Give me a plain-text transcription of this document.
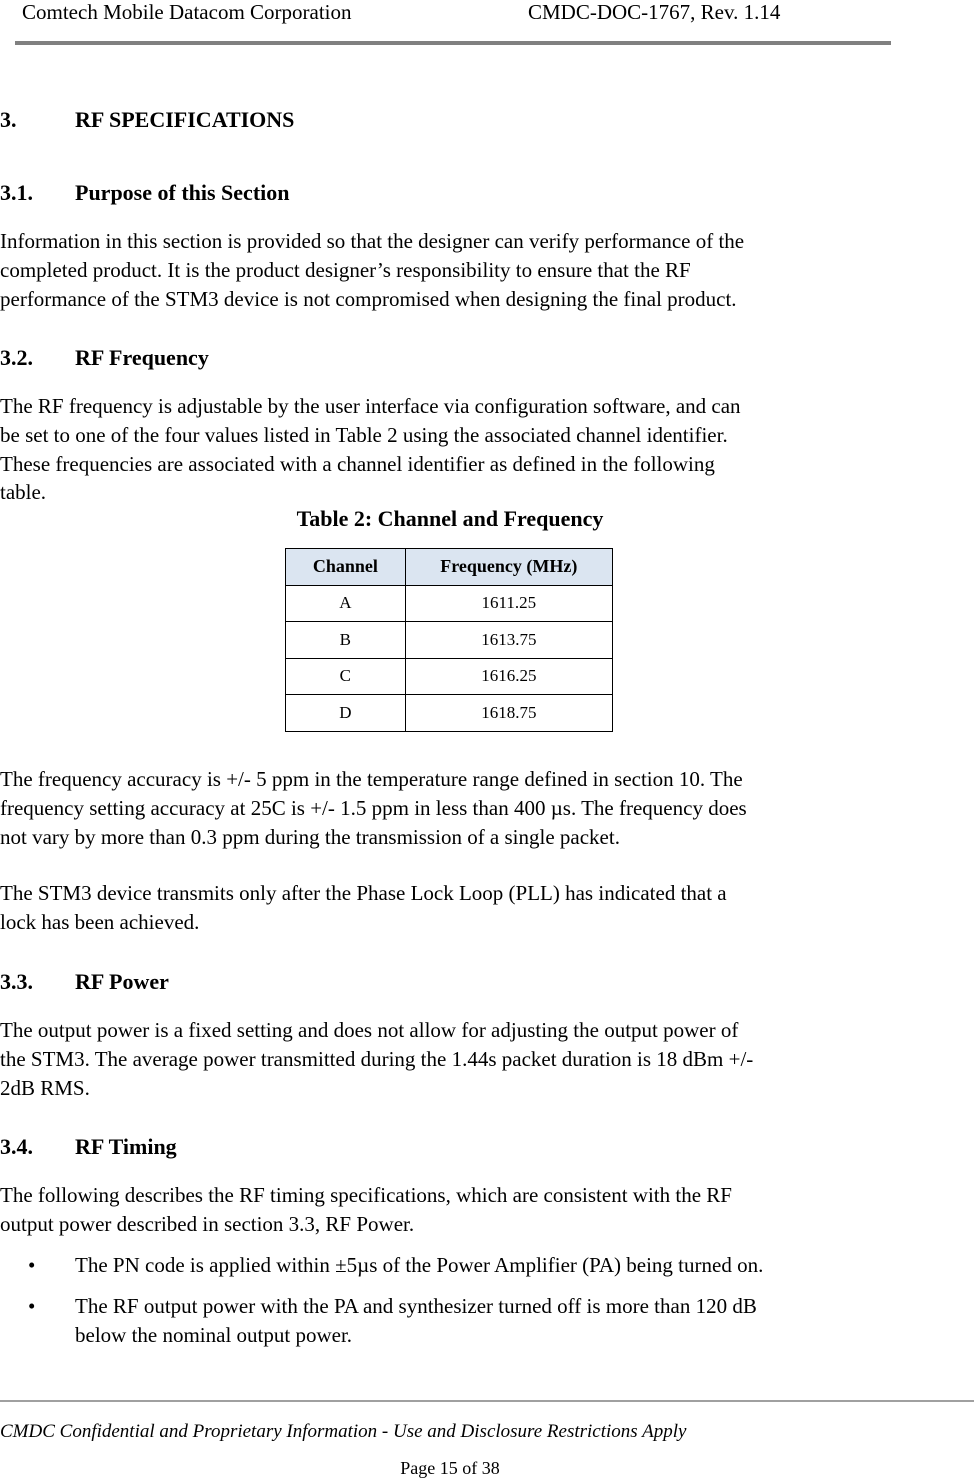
Comtech Mobile Datacom Corporation	CMDC-DOC-1767, Rev. 1.14
3.	RF SPECIFICATIONS
3.1. Purpose of this Section
Information in this section is provided so that the designer can verify performance of the
completed product. It is the product designer’s responsibility to ensure that the RF
performance of the STM3 device is not compromised when designing the final product.
3.2. RF Frequency
The RF frequency is adjustable by the user interface via configuration software, and can
be set to one of the four values listed in Table 2 using the associated channel identifier.
These frequencies are associated with a channel identifier as defined in the following
table.
Table 2: Channel and Frequency
Channel	Frequency (MHz)
A	1611.25
B	1613.75
C	1616.25
D	1618.75
The frequency accuracy is +/- 5 ppm in the temperature range defined in section 10. The
frequency setting accuracy at 25C is +/- 1.5 ppm in less than 400 µs. The frequency does
not vary by more than 0.3 ppm during the transmission of a single packet.
The STM3 device transmits only after the Phase Lock Loop (PLL) has indicated that a
lock has been achieved.
3.3. RF Power
The output power is a fixed setting and does not allow for adjusting the output power of
the STM3. The average power transmitted during the 1.44s packet duration is 18 dBm +/-
2dB RMS.
3.4. RF Timing
The following describes the RF timing specifications, which are consistent with the RF
output power described in section 3.3, RF Power.
• The PN code is applied within ±5µs of the Power Amplifier (PA) being turned on.
• The RF output power with the PA and synthesizer turned off is more than 120 dB
below the nominal output power.
CMDC Confidential and Proprietary Information - Use and Disclosure Restrictions Apply
Page 15 of 38
